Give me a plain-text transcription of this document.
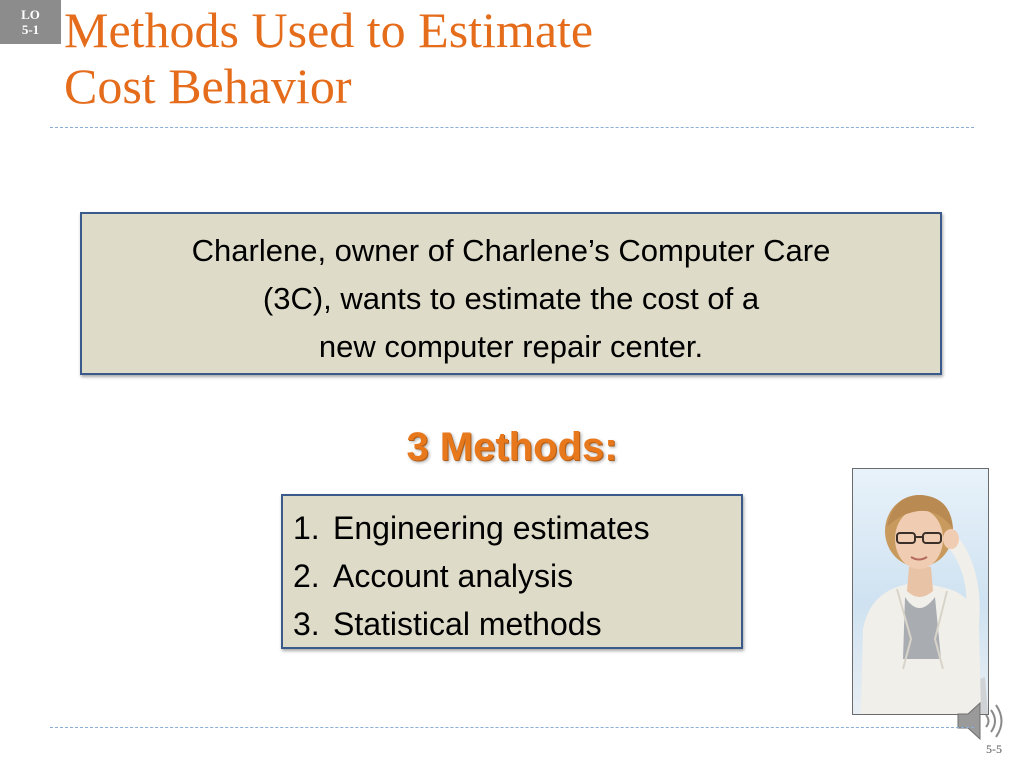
LO
5-1 Methods Used to Estimate
Cost Behavior
Charlene, owner of Charlene’s Computer Care
(3C), wants to estimate the cost of a
new computer repair center.
3 Methods:
1. Engineering estimates
2. Account analysis
3. Statistical methods
5-5
